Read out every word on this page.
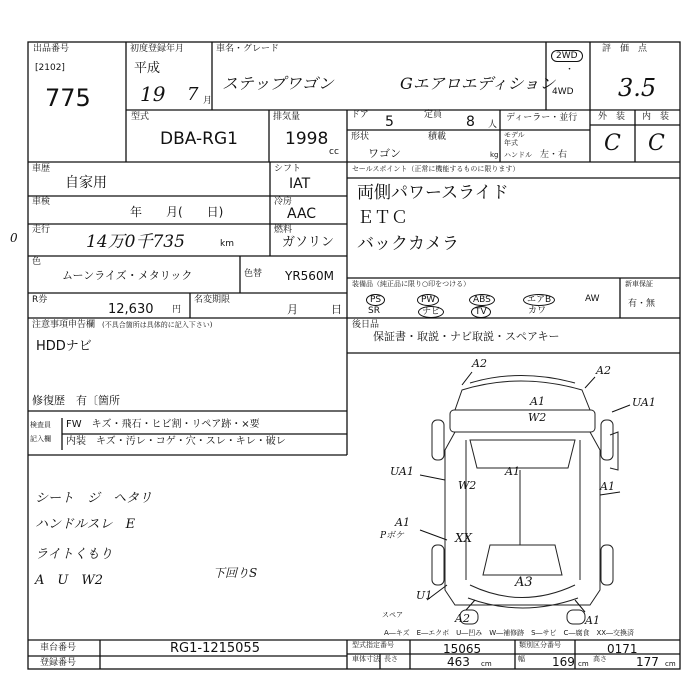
出品番号
[2102]
775
初度登録年月
平成
19 7 月
車名・グレード
ステップワゴン	Gエアロエディション
2WD
・
4WD
評　価　点
3.5
型式
DBA-RG1
排気量
1998
cc
ドア 5	定員 8 人
ディーラー・並行
形状
ワゴン
積載
kg
モデル
年式
ハンドル 左・右
外　装 内　装
C C
車歴
自家用
車検
年　　月(　　日)
走行
14万0千735	km
0
色
ムーンライズ・メタリック	色替 YR560M
R券
12,630 円
名変期限
月　　　日
シフト
IAT
冷房
AAC
燃料
ガソリン
セールスポイント（正常に機能するものに限ります）
両側パワースライド
ＥＴＣ
バックカメラ
装備品（純正品に限り○印をつける）
PS	PW	ABS	エアB	AW
SR	ナビ	TV	カワ
新車保証
有・無
後日品
保証書・取説・ナビ取説・スペアキー
注意事項申告欄 (不具合箇所は具体的に記入下さい)
HDDナビ
修復歴　有〔箇所
検査員
記入欄
FW　キズ・飛石・ヒビ割・リペア跡・×要
内装　キズ・汚レ・コゲ・穴・スレ・キレ・破レ
シート　ジ　ヘタリ
ハンドルスレ　E
ライトくもり
A　U　W2	下回りS
A2
A2
A1
W2
UA1
W2
UA1
A1
XX
A3
A1
A2
A1
U1
A1
Pボケ
スペア
A―キズ　E―エクボ　U―凹み　W―補修跡　S―サビ　C―腐食　XX―交換済
車台番号	RG1-1215055
登録番号
型式指定番号	15065	類別区分番号	0171
車体寸法 長さ	463 cm
幅 169 cm
高さ 177 cm
